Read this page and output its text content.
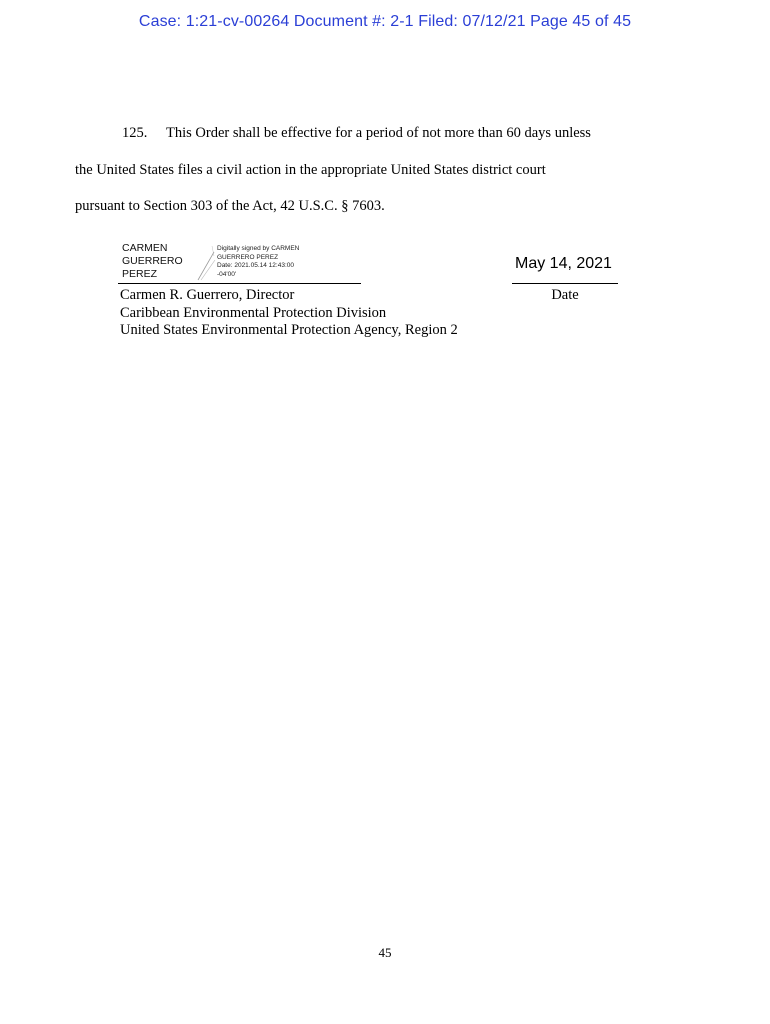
Case: 1:21-cv-00264 Document #: 2-1 Filed: 07/12/21 Page 45 of 45
125. This Order shall be effective for a period of not more than 60 days unless
the United States files a civil action in the appropriate United States district court
pursuant to Section 303 of the Act, 42 U.S.C. § 7603.
CARMEN
GUERRERO
PEREZ
Digitally signed by CARMEN
GUERRERO PEREZ
Date: 2021.05.14 12:43:00
-04'00'
May 14, 2021
Date
Carmen R. Guerrero, Director
Caribbean Environmental Protection Division
United States Environmental Protection Agency, Region 2
45
